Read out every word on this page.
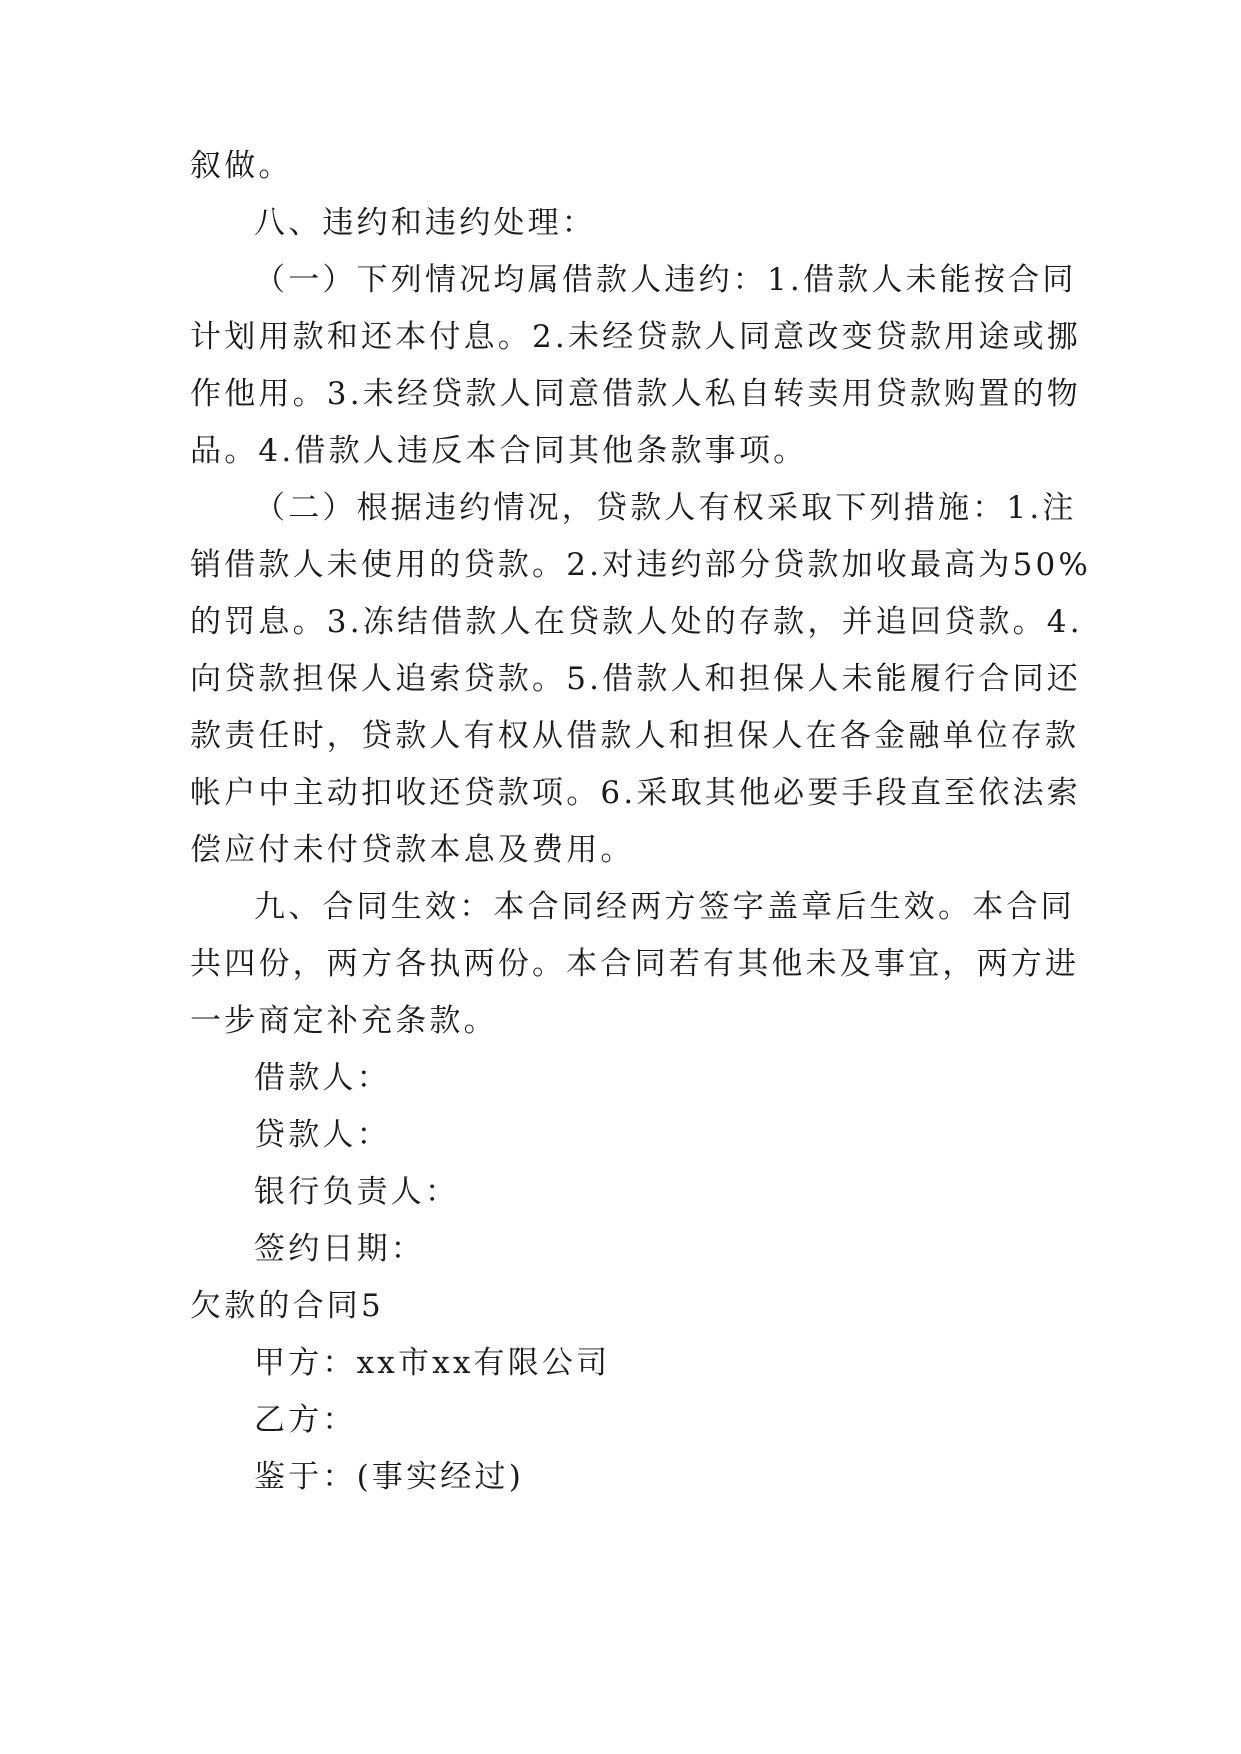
叙做。
八、违约和违约处理：
（一）下列情况均属借款人违约：1.借款人未能按合同
计划用款和还本付息。2.未经贷款人同意改变贷款用途或挪
作他用。3.未经贷款人同意借款人私自转卖用贷款购置的物
品。4.借款人违反本合同其他条款事项。
（二）根据违约情况，贷款人有权采取下列措施：1.注
销借款人未使用的贷款。2.对违约部分贷款加收最高为50%
的罚息。3.冻结借款人在贷款人处的存款，并追回贷款。4.
向贷款担保人追索贷款。5.借款人和担保人未能履行合同还
款责任时，贷款人有权从借款人和担保人在各金融单位存款
帐户中主动扣收还贷款项。6.采取其他必要手段直至依法索
偿应付未付贷款本息及费用。
九、合同生效：本合同经两方签字盖章后生效。本合同
共四份，两方各执两份。本合同若有其他未及事宜，两方进
一步商定补充条款。
借款人：
贷款人：
银行负责人：
签约日期：
欠款的合同5
甲方：xx市xx有限公司
乙方：
鉴于：(事实经过)
